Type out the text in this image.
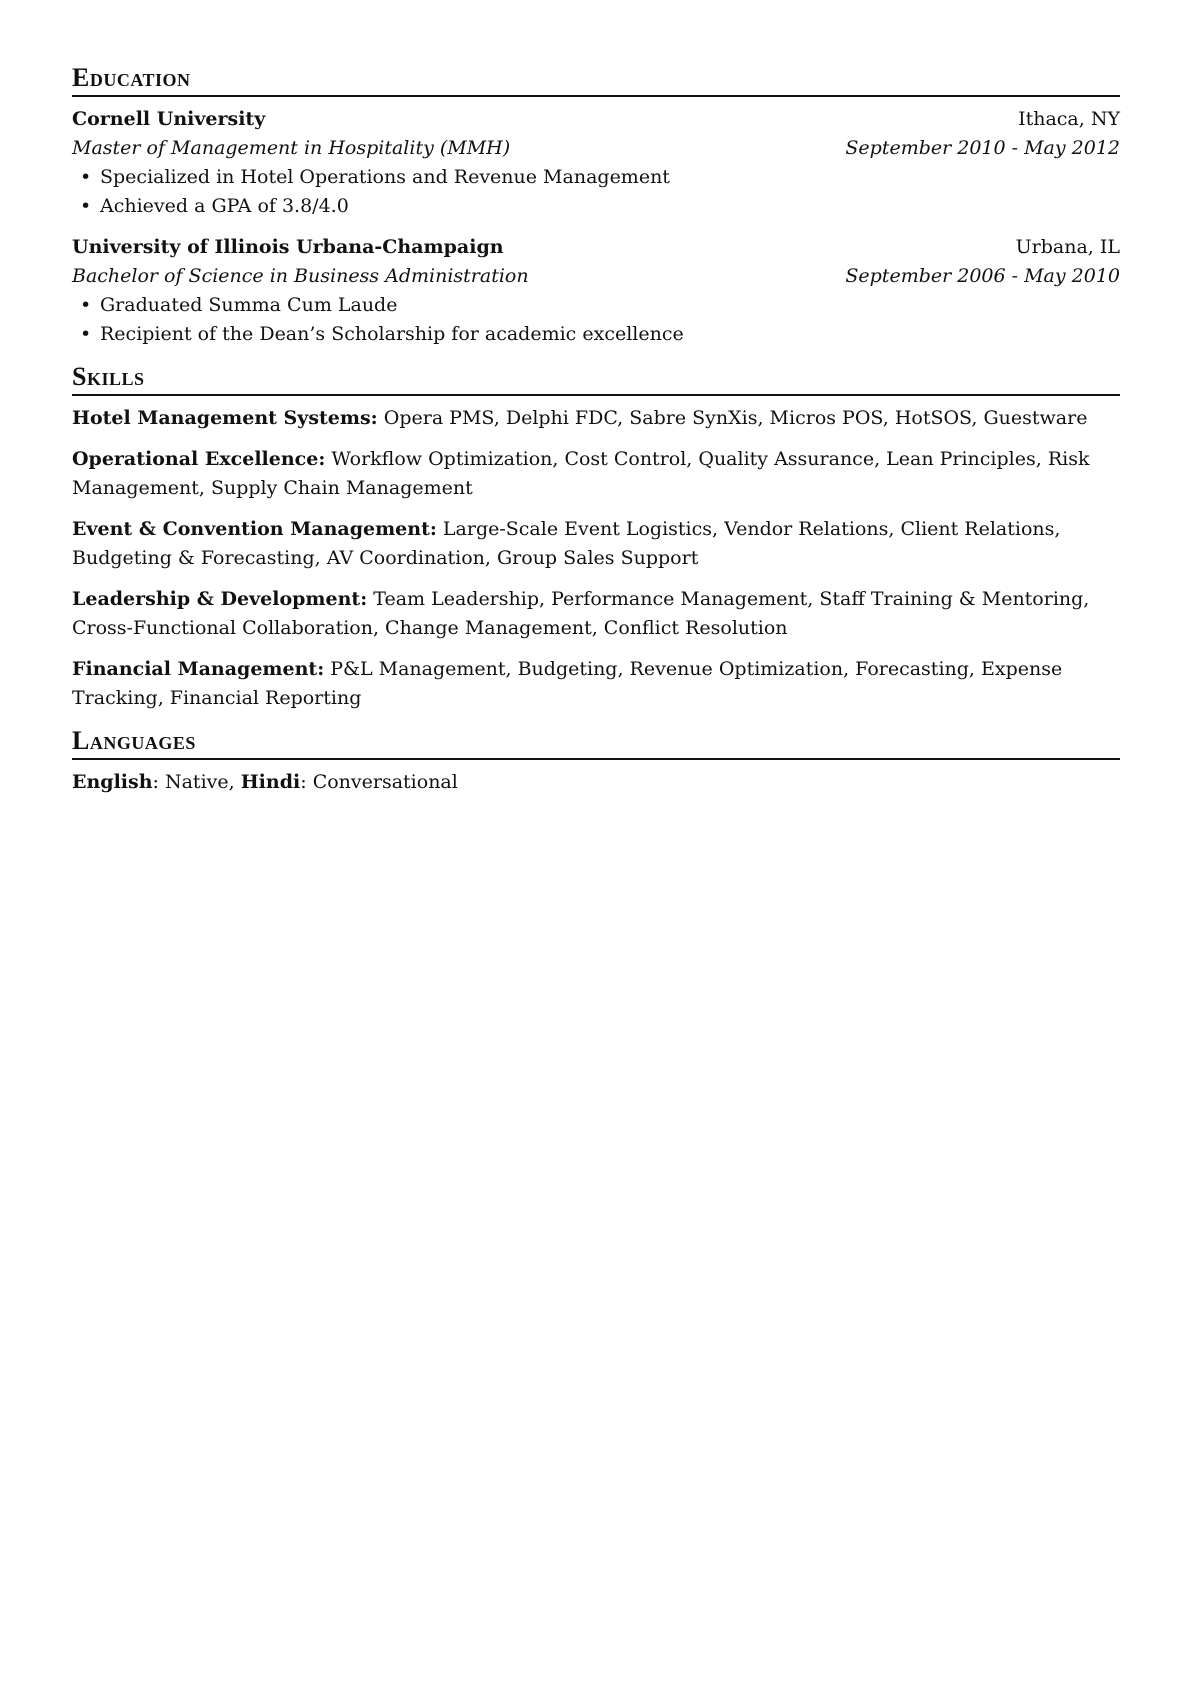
Education
Cornell University	Ithaca, NY
Master of Management in Hospitality (MMH)	September 2010 - May 2012
• Specialized in Hotel Operations and Revenue Management
• Achieved a GPA of 3.8/4.0
University of Illinois Urbana-Champaign	Urbana, IL
Bachelor of Science in Business Administration	September 2006 - May 2010
• Graduated Summa Cum Laude
• Recipient of the Dean’s Scholarship for academic excellence
Skills

Hotel Management Systems: Opera PMS, Delphi FDC, Sabre SynXis, Micros POS, HotSOS, Guestware

Operational Excellence: Workflow Optimization, Cost Control, Quality Assurance, Lean Principles, Risk Management, Supply Chain Management

Event & Convention Management: Large-Scale Event Logistics, Vendor Relations, Client Relations, Budgeting & Forecasting, AV Coordination, Group Sales Support

Leadership & Development: Team Leadership, Performance Management, Staff Training & Mentoring, Cross-Functional Collaboration, Change Management, Conflict Resolution

Financial Management: P&L Management, Budgeting, Revenue Optimization, Forecasting, Expense Tracking, Financial Reporting

Languages

English: Native, Hindi: Conversational
